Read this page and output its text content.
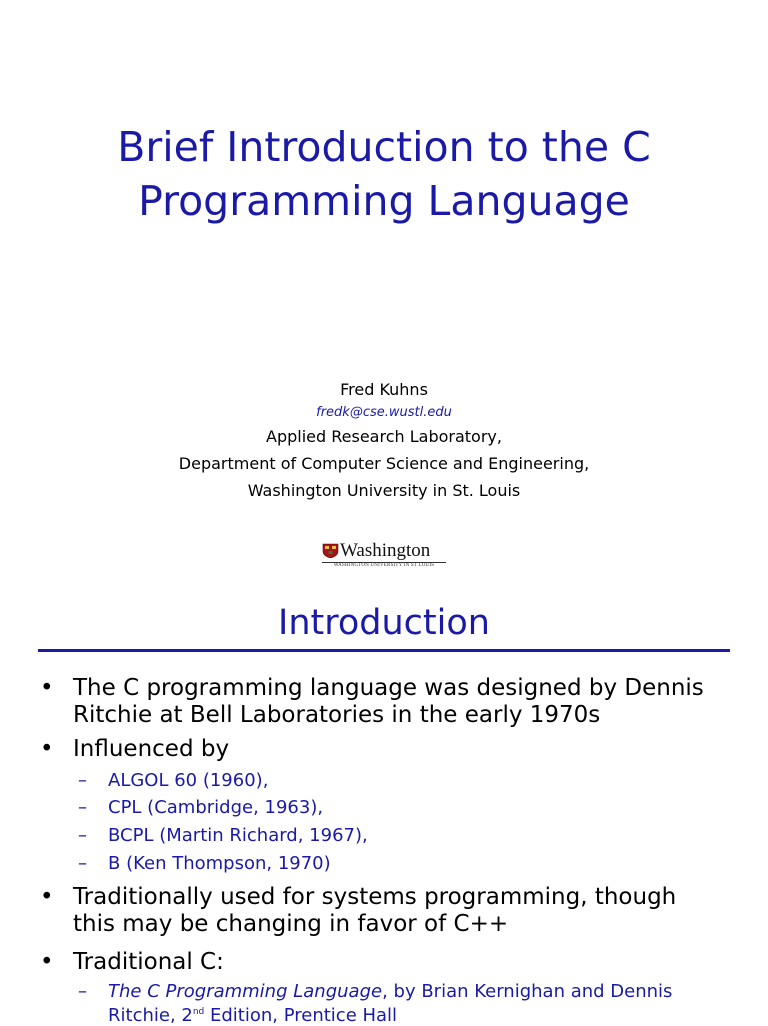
Brief Introduction to the C
Programming Language
Fred Kuhns
fredk@cse.wustl.edu
Applied Research Laboratory,
Department of Computer Science and Engineering,
Washington University in St. Louis
Washington
WASHINGTON UNIVERSITY IN ST LOUIS
Introduction
• The C programming language was designed by Dennis
Ritchie at Bell Laboratories in the early 1970s
• Influenced by
– ALGOL 60 (1960),
– CPL (Cambridge, 1963),
– BCPL (Martin Richard, 1967),
– B (Ken Thompson, 1970)
• Traditionally used for systems programming, though
this may be changing in favor of C++
• Traditional C:
– The C Programming Language, by Brian Kernighan and Dennis
Ritchie, 2nd Edition, Prentice Hall
